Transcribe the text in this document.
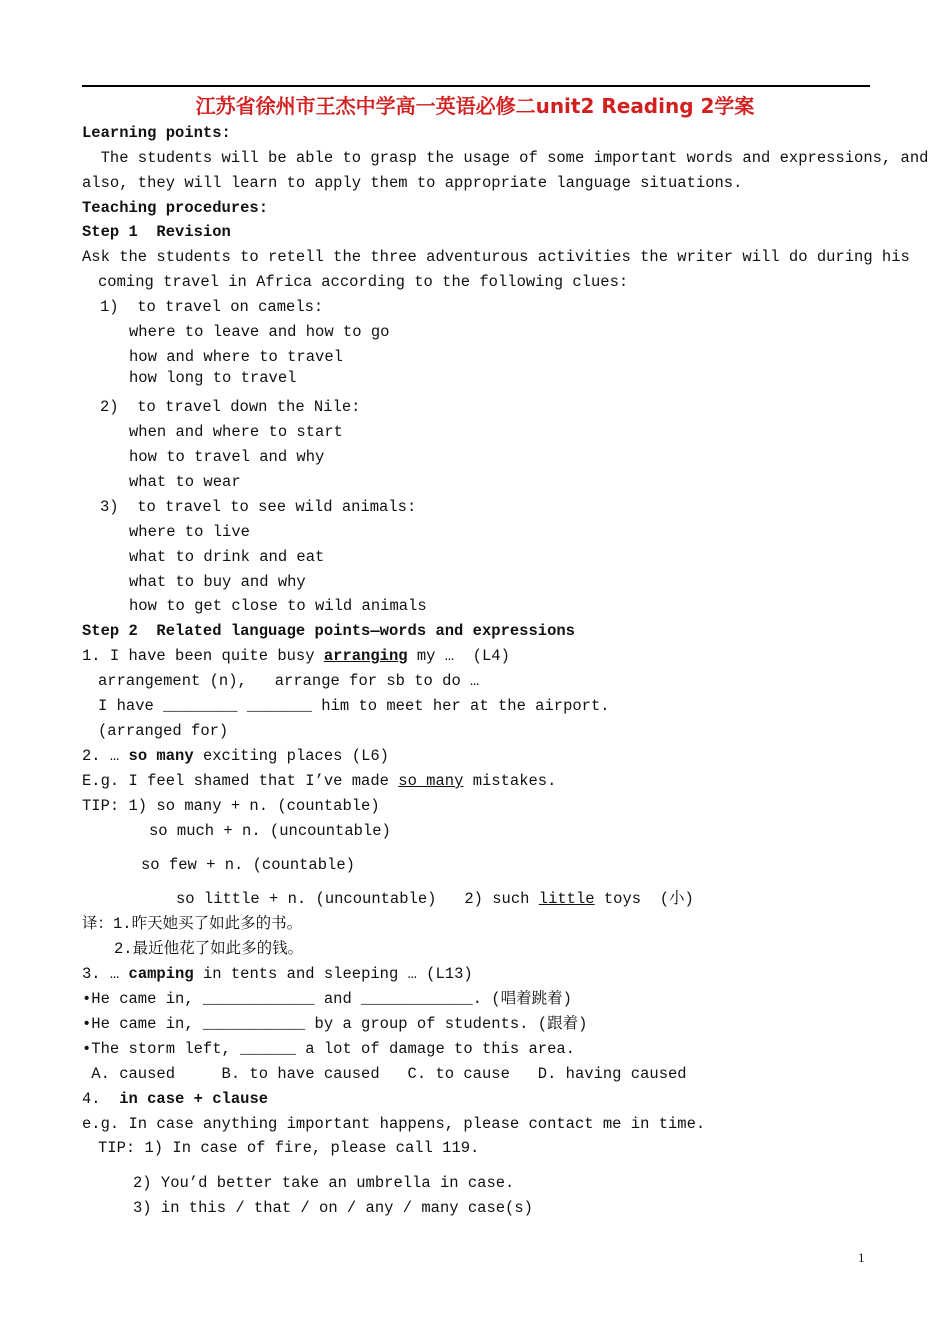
江苏省徐州市王杰中学高一英语必修二unit2 Reading 2学案
Learning points:
The students will be able to grasp the usage of some important words and expressions, and
also, they will learn to apply them to appropriate language situations.
Teaching procedures:
Step 1  Revision
Ask the students to retell the three adventurous activities the writer will do during his
coming travel in Africa according to the following clues:
1)  to travel on camels:
where to leave and how to go
how and where to travel
how long to travel
2)  to travel down the Nile:
when and where to start
how to travel and why
what to wear
3)  to travel to see wild animals:
where to live
what to drink and eat
what to buy and why
how to get close to wild animals
Step 2  Related language points—words and expressions
1. I have been quite busy arranging my …  (L4)
arrangement (n),   arrange for sb to do …
I have ________ _______ him to meet her at the airport.
(arranged for)
2. … so many exciting places (L6)
E.g. I feel shamed that I’ve made so many mistakes.
TIP: 1) so many + n. (countable)
so much + n. (uncountable)
so few + n. (countable)
so little + n. (uncountable)   2) such little toys  (小)
译：1.昨天她买了如此多的书。
2.最近他花了如此多的钱。
3. … camping in tents and sleeping … (L13)
•He came in, ____________ and ____________. (唱着跳着)
•He came in, ___________ by a group of students. (跟着)
•The storm left, ______ a lot of damage to this area.
A. caused     B. to have caused   C. to cause   D. having caused
4.  in case + clause
e.g. In case anything important happens, please contact me in time.
TIP: 1) In case of fire, please call 119.
2) You’d better take an umbrella in case.
3) in this / that / on / any / many case(s)
1
